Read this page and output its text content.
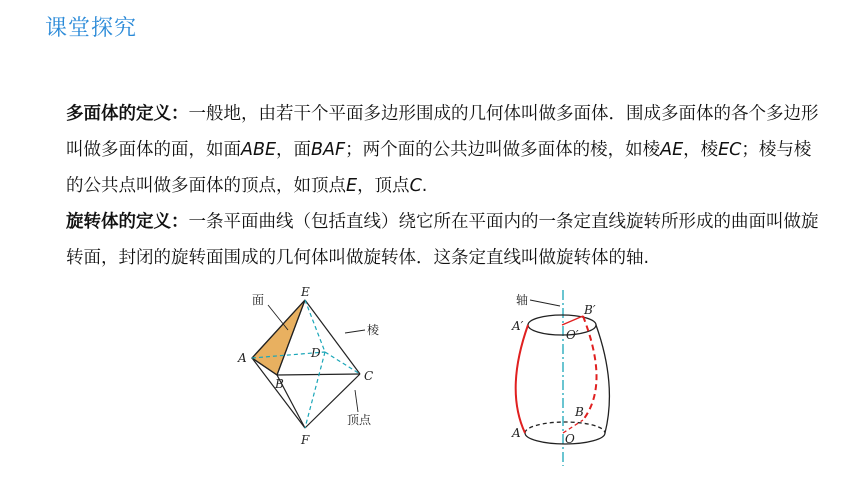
课堂探究

多面体的定义：一般地，由若干个平面多边形围成的几何体叫做多面体．围成多面体的各个多边形叫做多面体的面，如面ABE，面BAF；两个面的公共边叫做多面体的棱，如棱AE，棱EC；棱与棱的公共点叫做多面体的顶点，如顶点E，顶点C.

旋转体的定义：一条平面曲线（包括直线）绕它所在平面内的一条定直线旋转所形成的曲面叫做旋转面，封闭的旋转面围成的几何体叫做旋转体．这条定直线叫做旋转体的轴.

面
棱
顶点
E
A
B
D
C
F
轴
B′
A′
O′
B
A	O
